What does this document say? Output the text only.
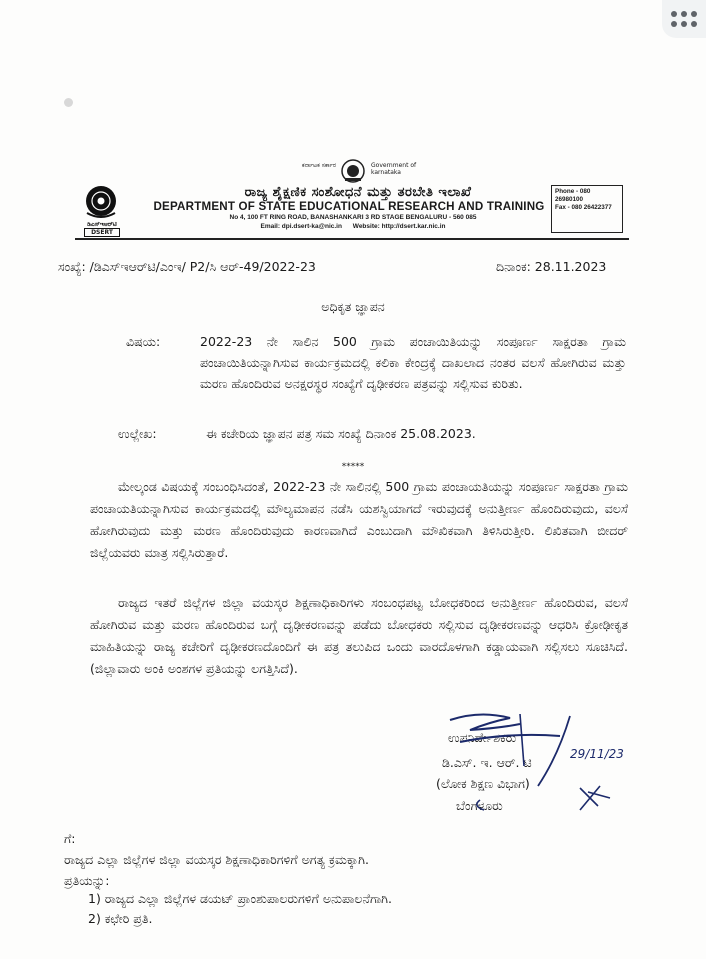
ಕರ್ನಾಟಕ ಸರ್ಕಾರ	Government of karnataka
ಡಿಎಸ್ಇಆರ್‌ಟಿ
DSERT
ರಾಜ್ಯ ಶೈಕ್ಷಣಿಕ ಸಂಶೋಧನೆ ಮತ್ತು ತರಬೇತಿ ಇಲಾಖೆ
DEPARTMENT OF STATE EDUCATIONAL RESEARCH AND TRAINING
No 4, 100 FT RING ROAD, BANASHANKARI 3 RD STAGE BENGALURU - 560 085
Email: dpi.dsert-ka@nic.in Website: http://dsert.kar.nic.in
Phone - 080 26980100
Fax - 080 26422377
ಸಂಖ್ಯೆ: /ಡಿಎಸ್‌ಇಆರ್‌ಟಿ/ಎಂಇ/ P2/ಸಿ ಆರ್-49/2022-23	ದಿನಾಂಕ: 28.11.2023
ಅಧಿಕೃತ ಜ್ಞಾಪನ
ವಿಷಯ:	2022-23 ನೇ ಸಾಲಿನ 500 ಗ್ರಾಮ ಪಂಚಾಯಿತಿಯನ್ನು ಸಂಪೂರ್ಣ ಸಾಕ್ಷರತಾ ಗ್ರಾಮ ಪಂಚಾಯಿತಿಯನ್ನಾಗಿಸುವ ಕಾರ್ಯಕ್ರಮದಲ್ಲಿ ಕಲಿಕಾ ಕೇಂದ್ರಕ್ಕೆ ದಾಖಲಾದ ನಂತರ ವಲಸೆ ಹೋಗಿರುವ ಮತ್ತು ಮರಣ ಹೊಂದಿರುವ ಅನಕ್ಷರಸ್ಥರ ಸಂಖ್ಯೆಗೆ ದೃಢೀಕರಣ ಪತ್ರವನ್ನು ಸಲ್ಲಿಸುವ ಕುರಿತು.
ಉಲ್ಲೇಖ:	ಈ ಕಚೇರಿಯ ಜ್ಞಾಪನ ಪತ್ರ ಸಮ ಸಂಖ್ಯೆ ದಿನಾಂಕ 25.08.2023.
*****
ಮೇಲ್ಕಂಡ ವಿಷಯಕ್ಕೆ ಸಂಬಂಧಿಸಿದಂತೆ, 2022-23 ನೇ ಸಾಲಿನಲ್ಲಿ 500 ಗ್ರಾಮ ಪಂಚಾಯತಿಯನ್ನು ಸಂಪೂರ್ಣ ಸಾಕ್ಷರತಾ ಗ್ರಾಮ ಪಂಚಾಯತಿಯನ್ನಾಗಿಸುವ ಕಾರ್ಯಕ್ರಮದಲ್ಲಿ ಮೌಲ್ಯಮಾಪನ ನಡೆಸಿ ಯಶಸ್ವಿಯಾಗದೆ ಇರುವುದಕ್ಕೆ ಅನುತ್ತೀರ್ಣ ಹೊಂದಿರುವುದು, ವಲಸೆ ಹೋಗಿರುವುದು ಮತ್ತು ಮರಣ ಹೊಂದಿರುವುದು ಕಾರಣವಾಗಿದೆ ಎಂಬುದಾಗಿ ಮೌಖಿಕವಾಗಿ ತಿಳಿಸಿರುತ್ತೀರಿ. ಲಿಖಿತವಾಗಿ ಬೀದರ್ ಜಿಲ್ಲೆಯವರು ಮಾತ್ರ ಸಲ್ಲಿಸಿರುತ್ತಾರೆ.
ರಾಜ್ಯದ ಇತರೆ ಜಿಲ್ಲೆಗಳ ಜಿಲ್ಲಾ ವಯಸ್ಕರ ಶಿಕ್ಷಣಾಧಿಕಾರಿಗಳು ಸಂಬಂಧಪಟ್ಟ ಬೋಧಕರಿಂದ ಅನುತ್ತೀರ್ಣ ಹೊಂದಿರುವ, ವಲಸೆ ಹೋಗಿರುವ ಮತ್ತು ಮರಣ ಹೊಂದಿರುವ ಬಗ್ಗೆ ದೃಢೀಕರಣವನ್ನು ಪಡೆದು ಬೋಧಕರು ಸಲ್ಲಿಸುವ ದೃಢೀಕರಣವನ್ನು ಆಧರಿಸಿ ಕ್ರೋಢೀಕೃತ ಮಾಹಿತಿಯನ್ನು ರಾಜ್ಯ ಕಚೇರಿಗೆ ದೃಢೀಕರಣದೊಂದಿಗೆ ಈ ಪತ್ರ ತಲುಪಿದ ಒಂದು ವಾರದೊಳಗಾಗಿ ಕಡ್ಡಾಯವಾಗಿ ಸಲ್ಲಿಸಲು ಸೂಚಿಸಿದೆ. (ಜಿಲ್ಲಾವಾರು ಅಂಕಿ ಅಂಶಗಳ ಪ್ರತಿಯನ್ನು ಲಗತ್ತಿಸಿದೆ).
ಉಪನಿರ್ದೇಶಕರು
ಡಿ.ಎಸ್. ಇ. ಆರ್. ಟಿ
(ಲೋಕ ಶಿಕ್ಷಣ ವಿಭಾಗ)
ಬೆಂಗಳೂರು
29/11/23
ಗೆ:
ರಾಜ್ಯದ ಎಲ್ಲಾ ಜಿಲ್ಲೆಗಳ ಜಿಲ್ಲಾ ವಯಸ್ಕರ ಶಿಕ್ಷಣಾಧಿಕಾರಿಗಳಿಗೆ ಅಗತ್ಯ ಕ್ರಮಕ್ಕಾಗಿ.
ಪ್ರತಿಯನ್ನು:
1) ರಾಜ್ಯದ ಎಲ್ಲಾ ಜಿಲ್ಲೆಗಳ ಡಯಟ್ ಪ್ರಾಂಶುಪಾಲರುಗಳಿಗೆ ಅನುಪಾಲನೆಗಾಗಿ.
2) ಕಛೇರಿ ಪ್ರತಿ.
